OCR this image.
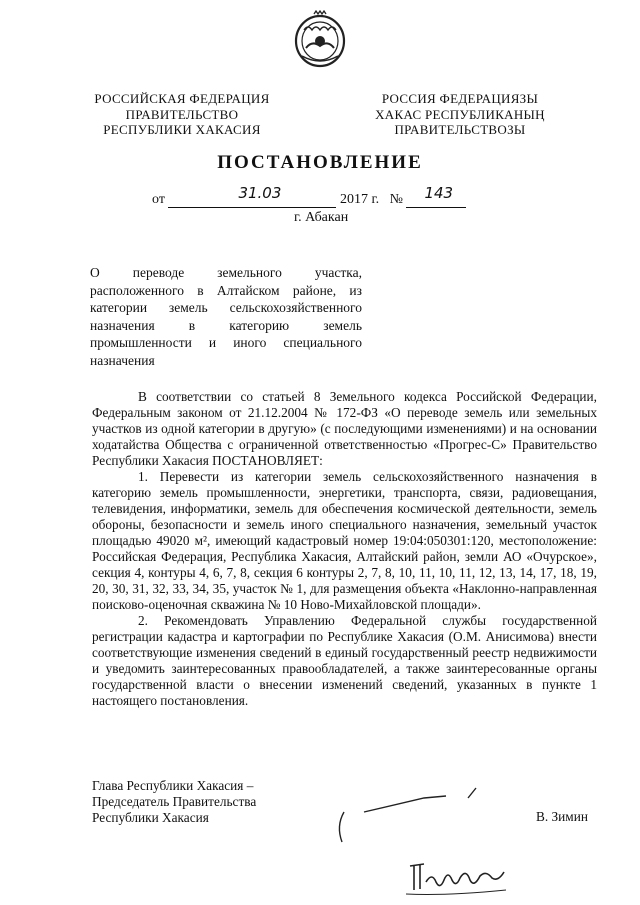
РОССИЙСКАЯ ФЕДЕРАЦИЯ
ПРАВИТЕЛЬСТВО
РЕСПУБЛИКИ ХАКАСИЯ
РОССИЯ ФЕДЕРАЦИЯЗЫ
ХАКАС РЕСПУБЛИКАНЫҢ
ПРАВИТЕЛЬСТВОЗЫ
ПОСТАНОВЛЕНИЕ
от	31.03	2017 г. № 143
г. Абакан

О переводе земельного участка,

расположенного в Алтайском районе, из

категории земель сельскохозяйственного

назначения в категорию земель

промышленности и иного специального

назначения

В соответствии со статьей 8 Земельного кодекса Российской Федерации, Федеральным законом от 21.12.2004 № 172-ФЗ «О переводе земель или земельных участков из одной категории в другую» (с последующими изменениями) и на основании ходатайства Общества с ограниченной ответственностью «Прогрес-С» Правительство Республики Хакасия ПОСТАНОВЛЯЕТ:

1. Перевести из категории земель сельскохозяйственного назначения в категорию земель промышленности, энергетики, транспорта, связи, радиовещания, телевидения, информатики, земель для обеспечения космической деятельности, земель обороны, безопасности и земель иного специального назначения, земельный участок площадью 49020 м², имеющий кадастровый номер 19:04:050301:120, местоположение: Российская Федерация, Республика Хакасия, Алтайский район, земли АО «Очурское», секция 4, контуры 4, 6, 7, 8, секция 6 контуры 2, 7, 8, 10, 11, 10, 11, 12, 13, 14, 17, 18, 19, 20, 30, 31, 32, 33, 34, 35, участок № 1, для размещения объекта «Наклонно-направленная поисково-оценочная скважина № 10 Ново-Михайловской площади».

2. Рекомендовать Управлению Федеральной службы государственной регистрации кадастра и картографии по Республике Хакасия (О.М. Анисимова) внести соответствующие изменения сведений в единый государственный реестр недвижимости и уведомить заинтересованных правообладателей, а также заинтересованные органы государственной власти о внесении изменений сведений, указанных в пункте 1 настоящего постановления.

Глава Республики Хакасия –
Председатель Правительства
Республики Хакасия	В. Зимин
